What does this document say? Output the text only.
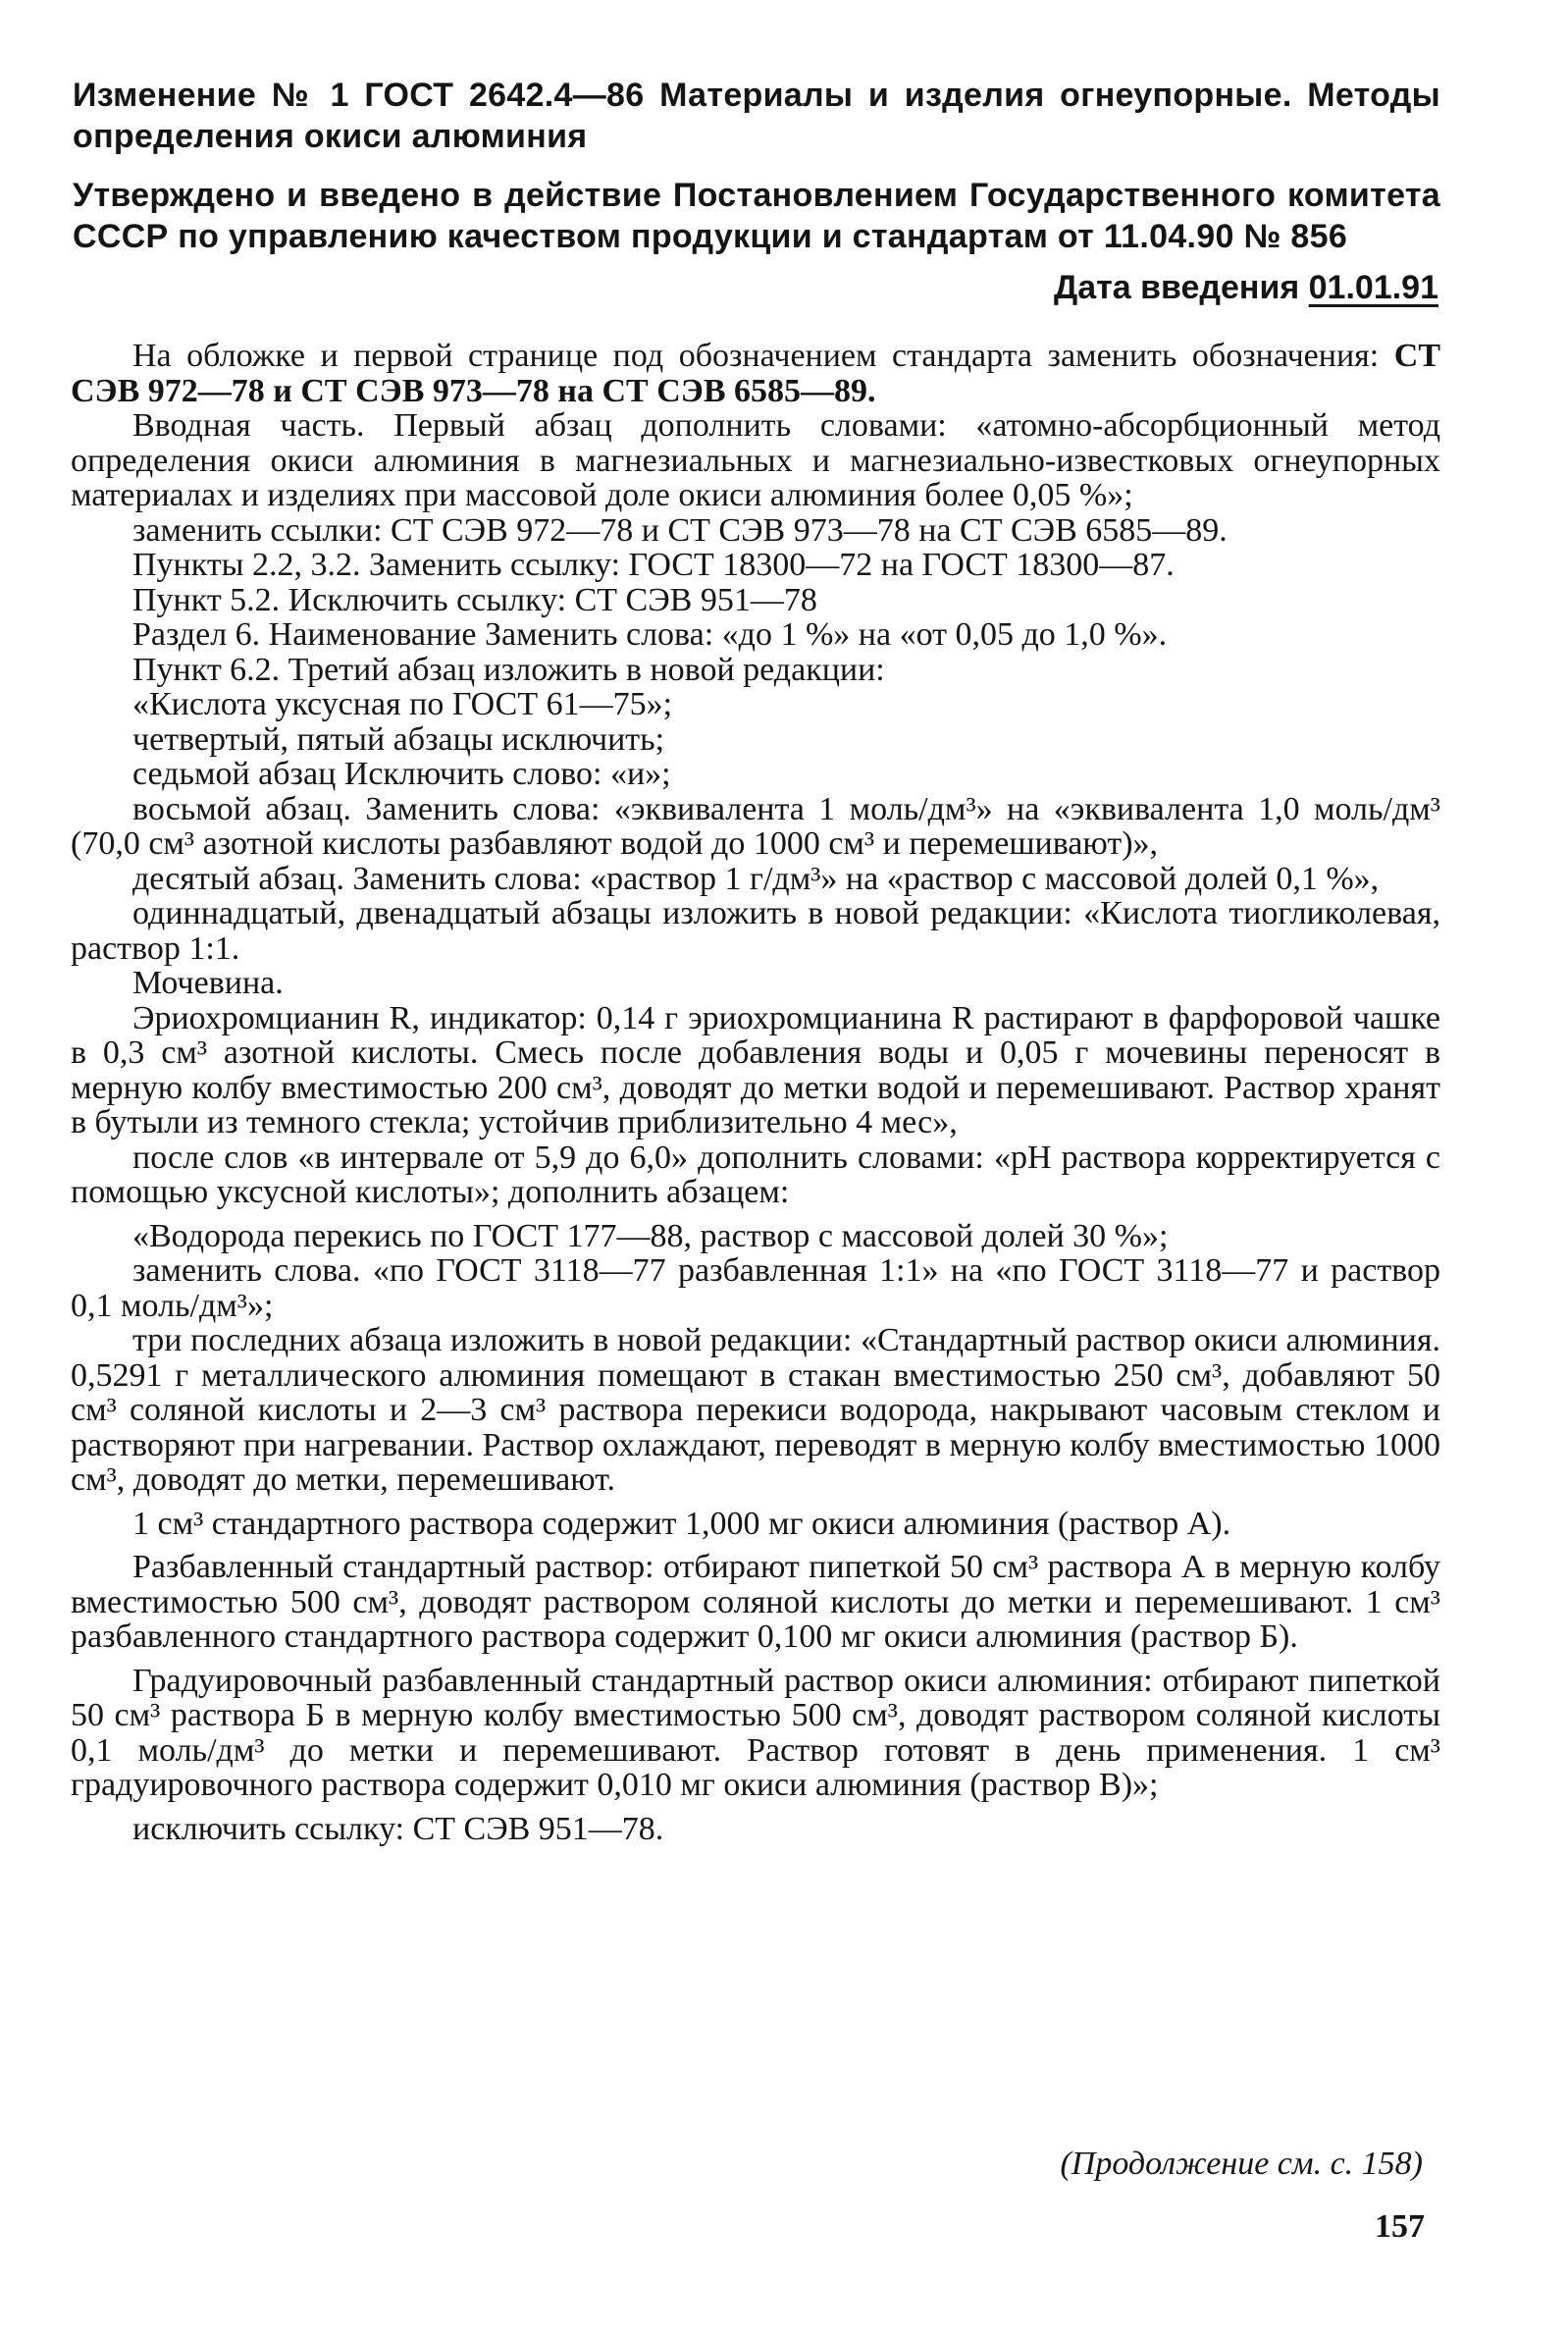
Изменение № 1 ГОСТ 2642.4—86 Материалы и изделия огнеупорные. Методы определения окиси алюминия

Утверждено и введено в действие Постановлением Государственного комитета СССР по управлению качеством продукции и стандартам от 11.04.90 № 856

Дата введения 01.01.91

На обложке и первой странице под обозначением стандарта заменить обозначения: СТ СЭВ 972—78 и СТ СЭВ 973—78 на СТ СЭВ 6585—89.

Вводная часть. Первый абзац дополнить словами: «атомно-абсорбционный метод определения окиси алюминия в магнезиальных и магнезиально-известковых огнеупорных материалах и изделиях при массовой доле окиси алюминия более 0,05 %»;

заменить ссылки: СТ СЭВ 972—78 и СТ СЭВ 973—78 на СТ СЭВ 6585—89.

Пункты 2.2, 3.2. Заменить ссылку: ГОСТ 18300—72 на ГОСТ 18300—87.

Пункт 5.2. Исключить ссылку: СТ СЭВ 951—78

Раздел 6. Наименование Заменить слова: «до 1 %» на «от 0,05 до 1,0 %».

Пункт 6.2. Третий абзац изложить в новой редакции:

«Кислота уксусная по ГОСТ 61—75»;

четвертый, пятый абзацы исключить;

седьмой абзац Исключить слово: «и»;

восьмой абзац. Заменить слова: «эквивалента 1 моль/дм³» на «эквивалента 1,0 моль/дм³ (70,0 см³ азотной кислоты разбавляют водой до 1000 см³ и перемешивают)»,

десятый абзац. Заменить слова: «раствор 1 г/дм³» на «раствор с массовой долей 0,1 %»,

одиннадцатый, двенадцатый абзацы изложить в новой редакции: «Кислота тиогликолевая, раствор 1:1.

Мочевина.

Эриохромцианин R, индикатор: 0,14 г эриохромцианина R растирают в фарфоровой чашке в 0,3 см³ азотной кислоты. Смесь после добавления воды и 0,05 г мочевины переносят в мерную колбу вместимостью 200 см³, доводят до метки водой и перемешивают. Раствор хранят в бутыли из темного стекла; устойчив приблизительно 4 мес»,

после слов «в интервале от 5,9 до 6,0» дополнить словами: «рН раствора корректируется с помощью уксусной кислоты»; дополнить абзацем:

«Водорода перекись по ГОСТ 177—88, раствор с массовой долей 30 %»;

заменить слова. «по ГОСТ 3118—77 разбавленная 1:1» на «по ГОСТ 3118—77 и раствор 0,1 моль/дм³»;

три последних абзаца изложить в новой редакции: «Стандартный раствор окиси алюминия. 0,5291 г металлического алюминия помещают в стакан вместимостью 250 см³, добавляют 50 см³ соляной кислоты и 2—3 см³ раствора перекиси водорода, накрывают часовым стеклом и растворяют при нагревании. Раствор охлаждают, переводят в мерную колбу вместимостью 1000 см³, доводят до метки, перемешивают.

1 см³ стандартного раствора содержит 1,000 мг окиси алюминия (раствор А).

Разбавленный стандартный раствор: отбирают пипеткой 50 см³ раствора А в мерную колбу вместимостью 500 см³, доводят раствором соляной кислоты до метки и перемешивают. 1 см³ разбавленного стандартного раствора содержит 0,100 мг окиси алюминия (раствор Б).

Градуировочный разбавленный стандартный раствор окиси алюминия: отбирают пипеткой 50 см³ раствора Б в мерную колбу вместимостью 500 см³, доводят раствором соляной кислоты 0,1 моль/дм³ до метки и перемешивают. Раствор готовят в день применения. 1 см³ градуировочного раствора содержит 0,010 мг окиси алюминия (раствор В)»;

исключить ссылку: СТ СЭВ 951—78.

(Продолжение см. с. 158)
157
